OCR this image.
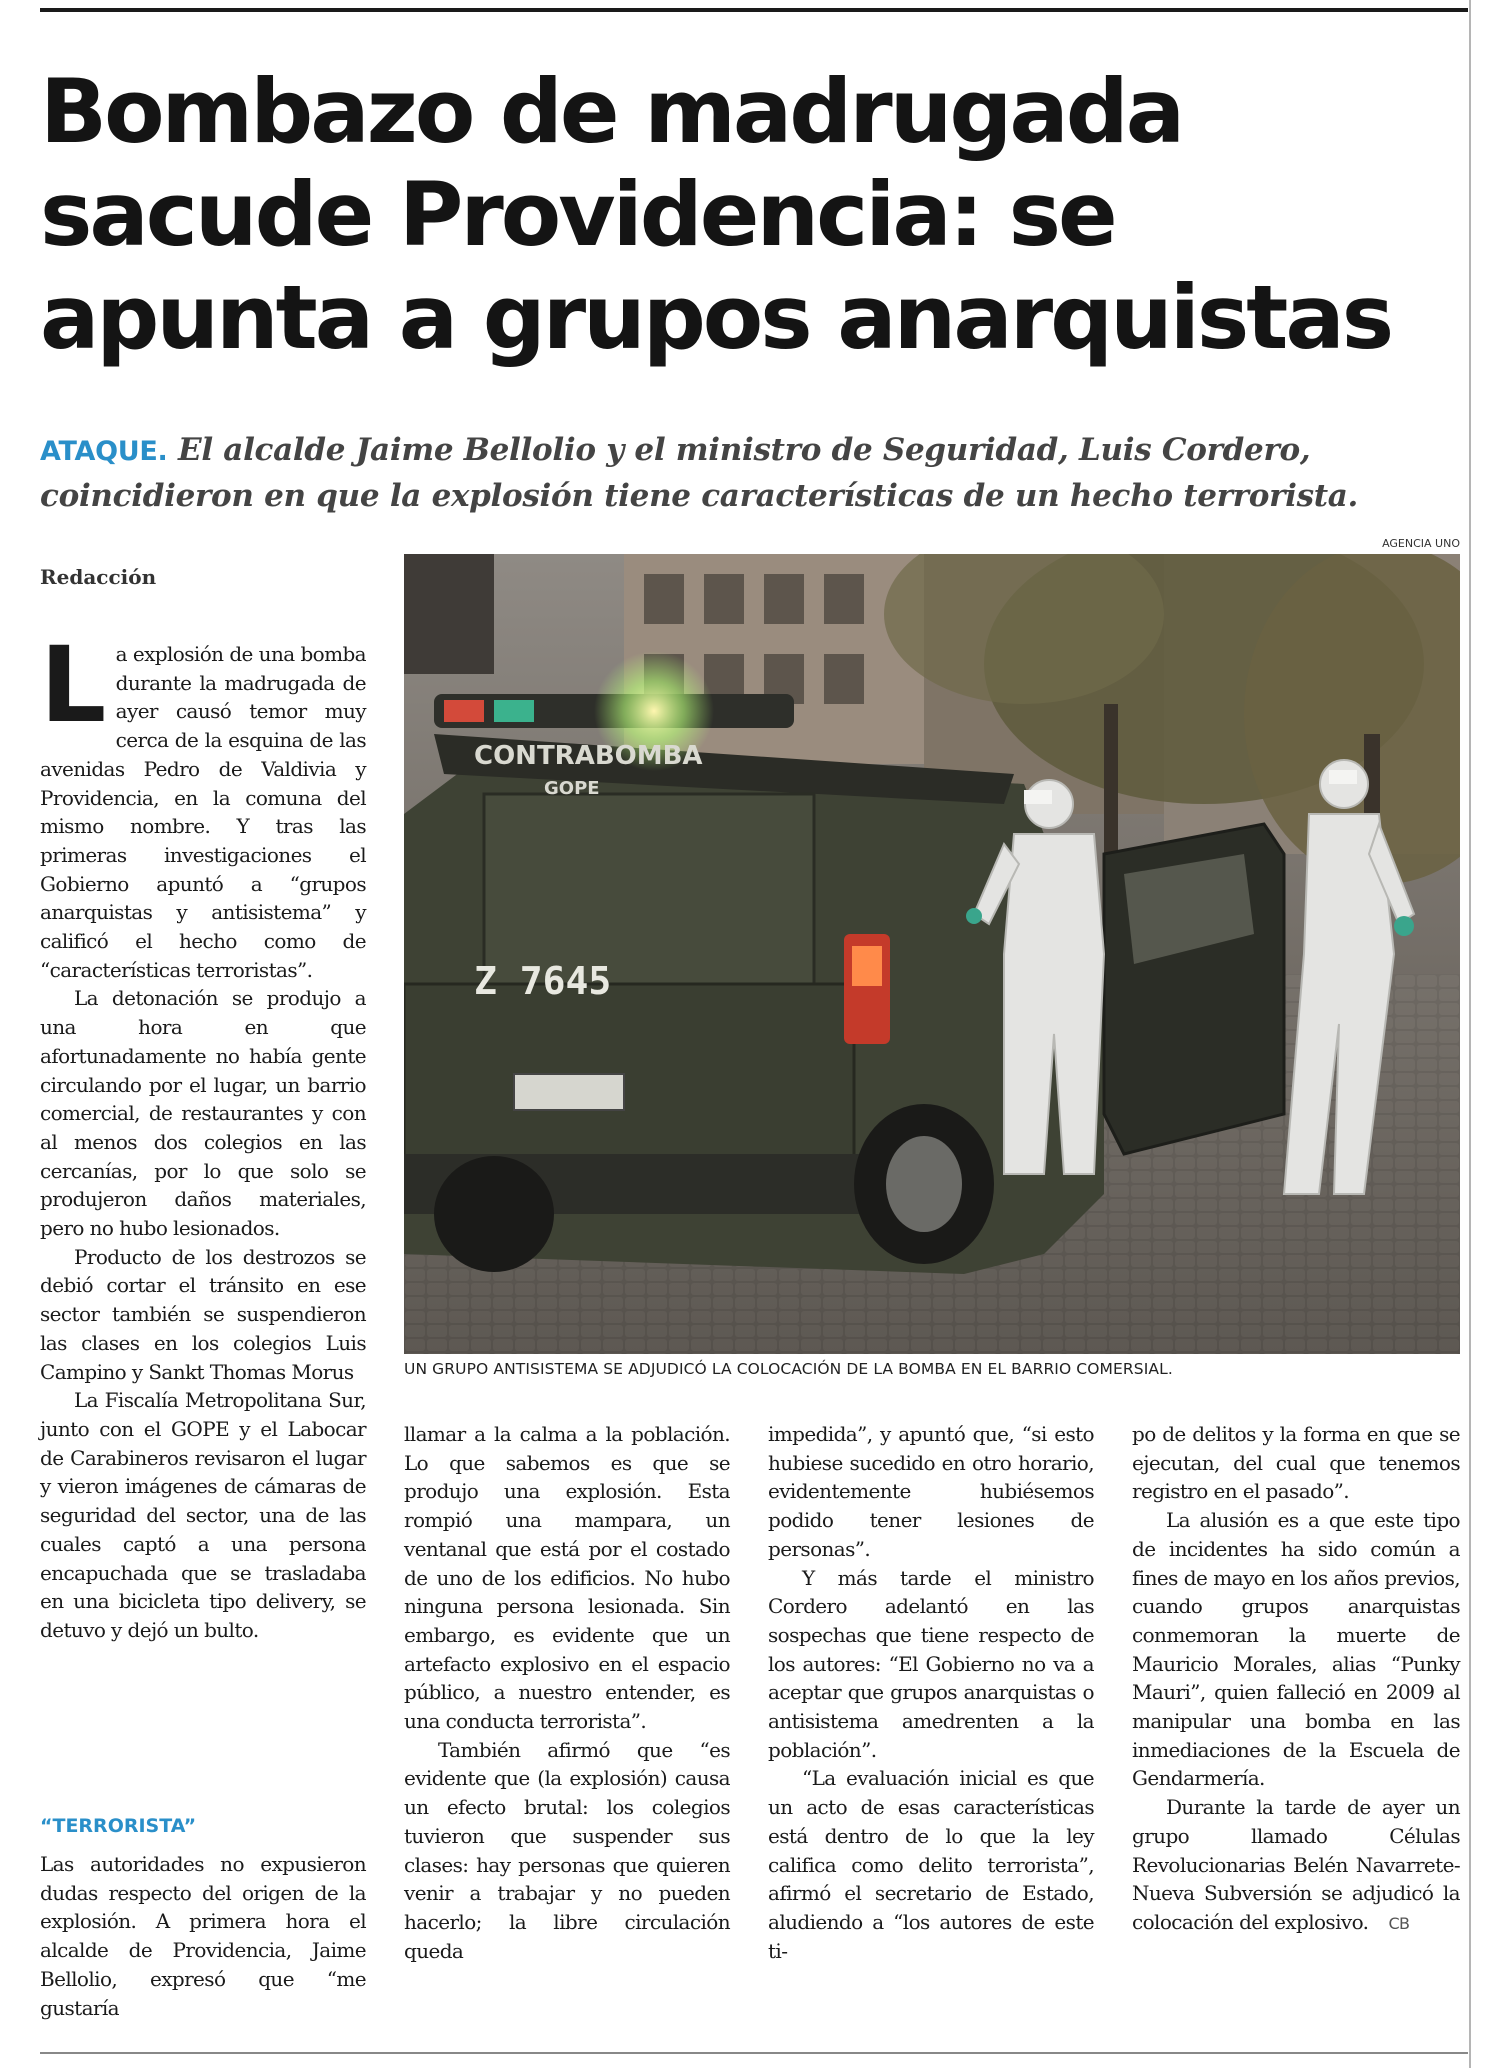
Bombazo de madrugada
sacude Providencia: se
apunta a grupos anarquistas
ATAQUE. El alcalde Jaime Bellolio y el ministro de Seguridad, Luis Cordero, coincidieron en que la explosión tiene características de un hecho terrorista.
AGENCIA UNO
CONTRABOMBA
GOPE
Z 7645
UN GRUPO ANTISISTEMA SE ADJUDICÓ LA COLOCACIÓN DE LA BOMBA EN EL BARRIO COMERSIAL.
Redacción

La explosión de una bomba durante la madrugada de ayer causó temor muy cerca de la esquina de las avenidas Pedro de Valdivia y Providencia, en la comuna del mismo nombre. Y tras las primeras investigaciones el Gobierno apuntó a “grupos anarquistas y antisistema” y calificó el hecho como de “características terroristas”.

La detonación se produjo a una hora en que afortunadamente no había gente circulando por el lugar, un barrio comercial, de restaurantes y con al menos dos colegios en las cercanías, por lo que solo se produjeron daños materiales, pero no hubo lesionados.

Producto de los destrozos se debió cortar el tránsito en ese sector también se suspendieron las clases en los colegios Luis Campino y Sankt Thomas Morus

La Fiscalía Metropolitana Sur, junto con el GOPE y el Labocar de Carabineros revisaron el lugar y vieron imágenes de cámaras de seguridad del sector, una de las cuales captó a una persona encapuchada que se trasladaba en una bicicleta tipo delivery, se detuvo y dejó un bulto.

“TERRORISTA”

Las autoridades no expusieron dudas respecto del origen de la explosión. A primera hora el alcalde de Providencia, Jaime Bellolio, expresó que “me gustaría

llamar a la calma a la población. Lo que sabemos es que se produjo una explosión. Esta rompió una mampara, un ventanal que está por el costado de uno de los edificios. No hubo ninguna persona lesionada. Sin embargo, es evidente que un artefacto explosivo en el espacio público, a nuestro entender, es una conducta terrorista”.

También afirmó que “es evidente que (la explosión) causa un efecto brutal: los colegios tuvieron que suspender sus clases: hay personas que quieren venir a trabajar y no pueden hacerlo; la libre circulación queda

impedida”, y apuntó que, “si esto hubiese sucedido en otro horario, evidentemente hubiésemos podido tener lesiones de personas”.

Y más tarde el ministro Cordero adelantó en las sospechas que tiene respecto de los autores: “El Gobierno no va a aceptar que grupos anarquistas o antisistema amedrenten a la población”.

“La evaluación inicial es que un acto de esas características está dentro de lo que la ley califica como delito terrorista”, afirmó el secretario de Estado, aludiendo a “los autores de este ti-

po de delitos y la forma en que se ejecutan, del cual que tenemos registro en el pasado”.

La alusión es a que este tipo de incidentes ha sido común a fines de mayo en los años previos, cuando grupos anarquistas conmemoran la muerte de Mauricio Morales, alias “Punky Mauri”, quien falleció en 2009 al manipular una bomba en las inmediaciones de la Escuela de Gendarmería.

Durante la tarde de ayer un grupo llamado Células Revolucionarias Belén Navarrete-Nueva Subversión se adjudicó la colocación del explosivo. CB
